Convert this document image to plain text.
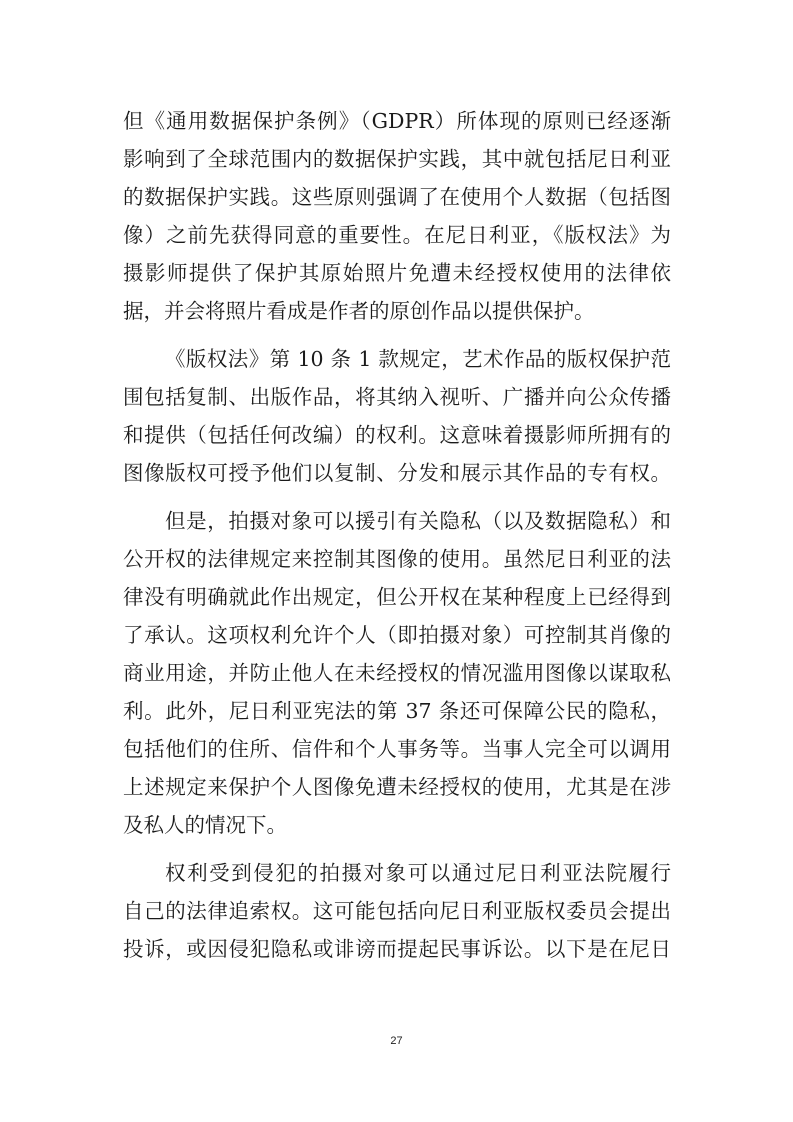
但《通用数据保护条例》（GDPR）所体现的原则已经逐渐
影响到了全球范围内的数据保护实践，其中就包括尼日利亚
的数据保护实践。这些原则强调了在使用个人数据（包括图
像）之前先获得同意的重要性。在尼日利亚，《版权法》为
摄影师提供了保护其原始照片免遭未经授权使用的法律依
据，并会将照片看成是作者的原创作品以提供保护。
《版权法》第 10 条 1 款规定，艺术作品的版权保护范
围包括复制、出版作品，将其纳入视听、广播并向公众传播
和提供（包括任何改编）的权利。这意味着摄影师所拥有的
图像版权可授予他们以复制、分发和展示其作品的专有权。
但是，拍摄对象可以援引有关隐私（以及数据隐私）和
公开权的法律规定来控制其图像的使用。虽然尼日利亚的法
律没有明确就此作出规定，但公开权在某种程度上已经得到
了承认。这项权利允许个人（即拍摄对象）可控制其肖像的
商业用途，并防止他人在未经授权的情况滥用图像以谋取私
利。此外，尼日利亚宪法的第 37 条还可保障公民的隐私，
包括他们的住所、信件和个人事务等。当事人完全可以调用
上述规定来保护个人图像免遭未经授权的使用，尤其是在涉
及私人的情况下。
权利受到侵犯的拍摄对象可以通过尼日利亚法院履行
自己的法律追索权。这可能包括向尼日利亚版权委员会提出
投诉，或因侵犯隐私或诽谤而提起民事诉讼。以下是在尼日
27
